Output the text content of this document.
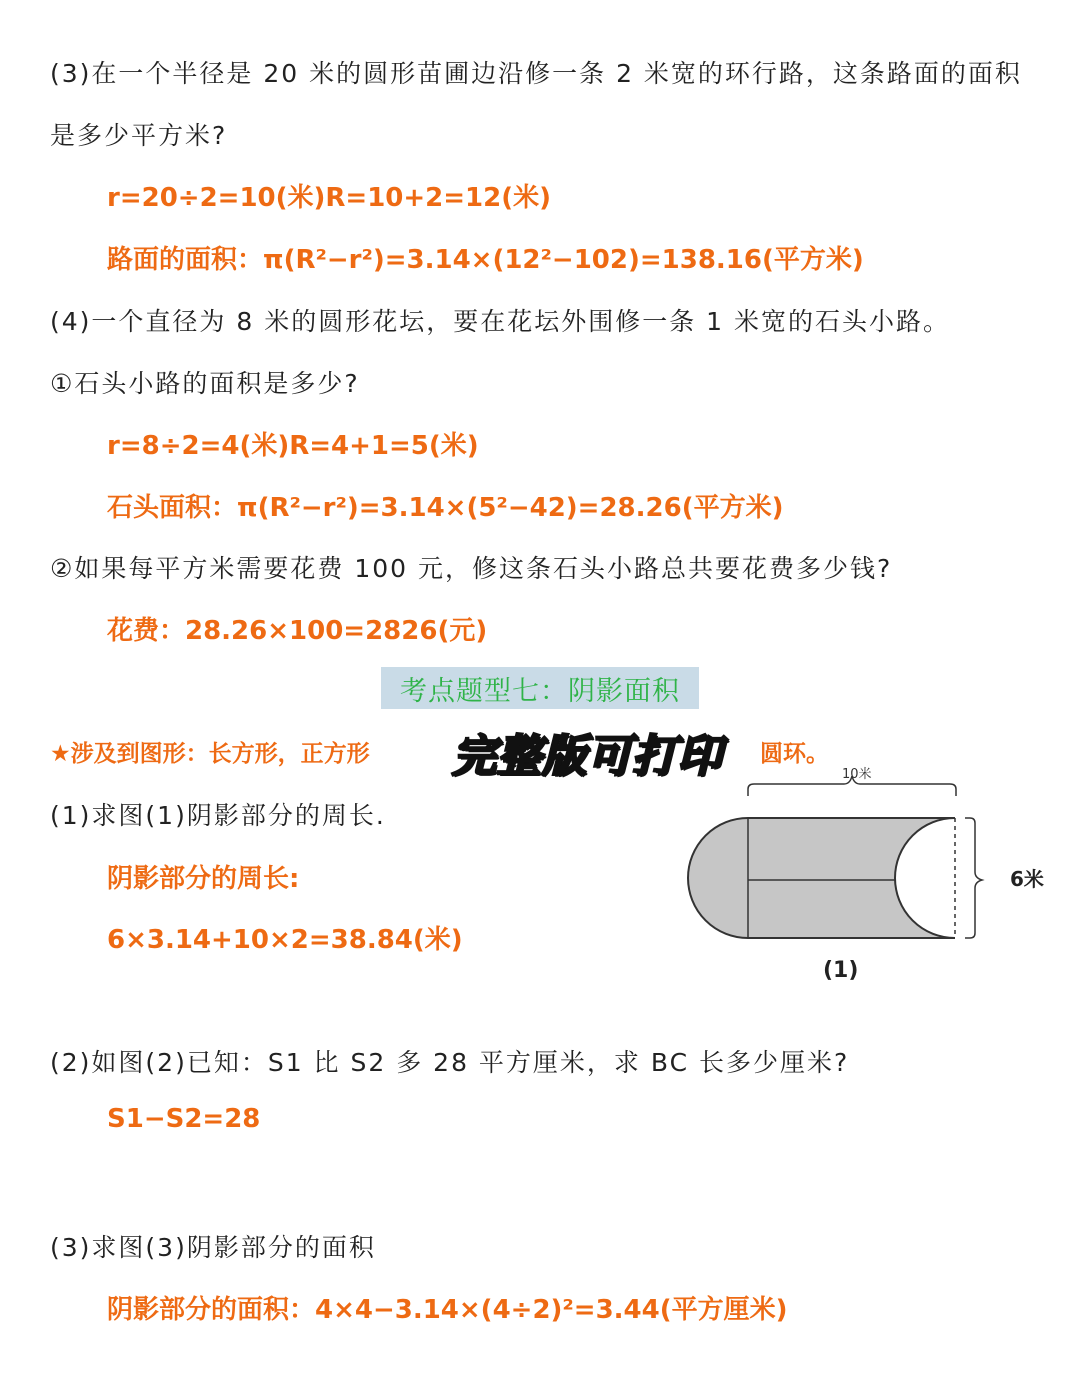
(3)在一个半径是 20 米的圆形苗圃边沿修一条 2 米宽的环行路，这条路面的面积
是多少平方米?
r=20÷2=10(米)R=10+2=12(米)
路面的面积：π(R²−r²)=3.14×(12²−102)=138.16(平方米)
(4)一个直径为 8 米的圆形花坛，要在花坛外围修一条 1 米宽的石头小路。
①石头小路的面积是多少?
r=8÷2=4(米)R=4+1=5(米)
石头面积：π(R²−r²)=3.14×(5²−42)=28.26(平方米)
②如果每平方米需要花费 100 元，修这条石头小路总共要花费多少钱?
花费：28.26×100=2826(元)
考点题型七：阴影面积
★涉及到图形：长方形，正方形	圆环。
完整版可打印
(1)求图(1)阴影部分的周长.
阴影部分的周长:
6×3.14+10×2=38.84(米)
10米
6米
(1)
(2)如图(2)已知：S1 比 S2 多 28 平方厘米，求 BC 长多少厘米?
S1−S2=28
(3)求图(3)阴影部分的面积
阴影部分的面积：4×4−3.14×(4÷2)²=3.44(平方厘米)
